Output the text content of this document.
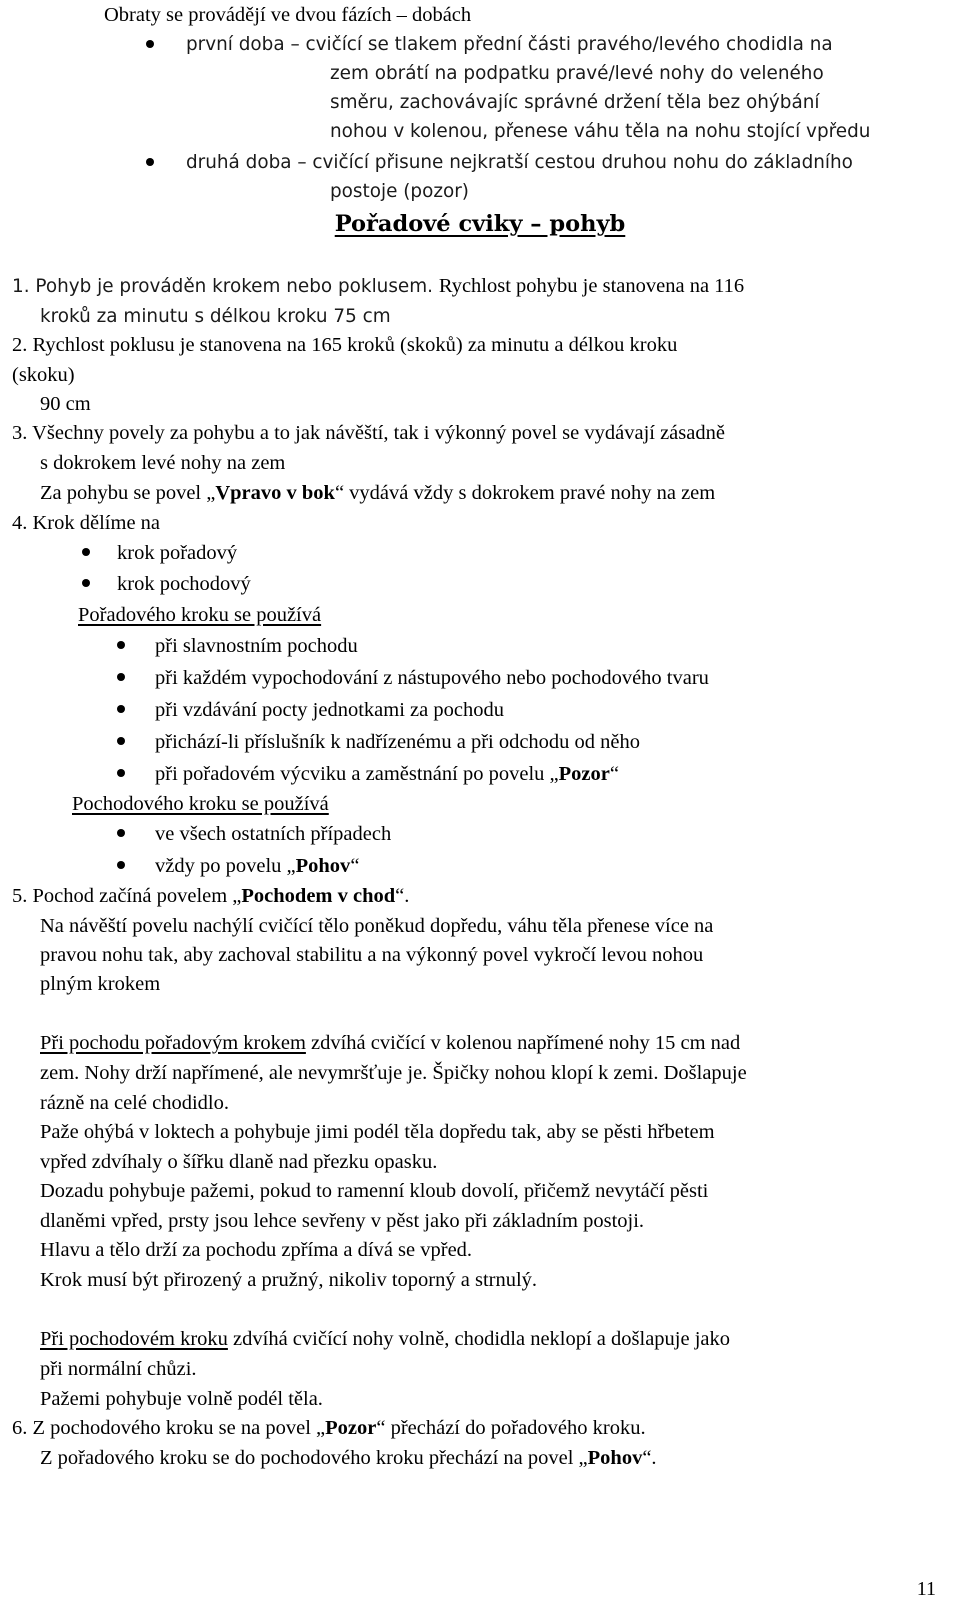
Obraty se provádějí ve dvou fázích – dobách
první doba – cvičící se tlakem přední části pravého/levého chodidla na
zem obrátí na podpatku pravé/levé nohy do veleného
směru, zachovávajíc správné držení těla bez ohýbání
nohou v kolenou, přenese váhu těla na nohu stojící vpředu
druhá doba – cvičící přisune nejkratší cestou druhou nohu do základního
postoje (pozor)
Pořadové cviky – pohyb
1. Pohyb je prováděn krokem nebo poklusem. Rychlost pohybu je stanovena na 116
kroků za minutu s délkou kroku 75 cm
2. Rychlost poklusu je stanovena na 165 kroků (skoků) za minutu a délkou kroku
(skoku)
90 cm
3. Všechny povely za pohybu a to jak návěští, tak i výkonný povel se vydávají zásadně
s dokrokem levé nohy na zem
Za pohybu se povel „Vpravo v bok“ vydává vždy s dokrokem pravé nohy na zem
4. Krok dělíme na
krok pořadový
krok pochodový
Pořadového kroku se používá
při slavnostním pochodu
při každém vypochodování z nástupového nebo pochodového tvaru
při vzdávání pocty jednotkami za pochodu
přichází-li příslušník k nadřízenému a při odchodu od něho
při pořadovém výcviku a zaměstnání po povelu „Pozor“
Pochodového kroku se používá
ve všech ostatních případech
vždy po povelu „Pohov“
5. Pochod začíná povelem „Pochodem v chod“.
Na návěští povelu nachýlí cvičící tělo poněkud dopředu, váhu těla přenese více na
pravou nohu tak, aby zachoval stabilitu a na výkonný povel vykročí levou nohou
plným krokem
Při pochodu pořadovým krokem zdvíhá cvičící v kolenou napřímené nohy 15 cm nad
zem. Nohy drží napřímené, ale nevymršťuje je. Špičky nohou klopí k zemi. Došlapuje
rázně na celé chodidlo.
Paže ohýbá v loktech a pohybuje jimi podél těla dopředu tak, aby se pěsti hřbetem
vpřed zdvíhaly o šířku dlaně nad přezku opasku.
Dozadu pohybuje pažemi, pokud to ramenní kloub dovolí, přičemž nevytáčí pěsti
dlaněmi vpřed, prsty jsou lehce sevřeny v pěst jako při základním postoji.
Hlavu a tělo drží za pochodu zpříma a dívá se vpřed.
Krok musí být přirozený a pružný, nikoliv toporný a strnulý.
Při pochodovém kroku zdvíhá cvičící nohy volně, chodidla neklopí a došlapuje jako
při normální chůzi.
Pažemi pohybuje volně podél těla.
6. Z pochodového kroku se na povel „Pozor“ přechází do pořadového kroku.
Z pořadového kroku se do pochodového kroku přechází na povel „Pohov“.
11
